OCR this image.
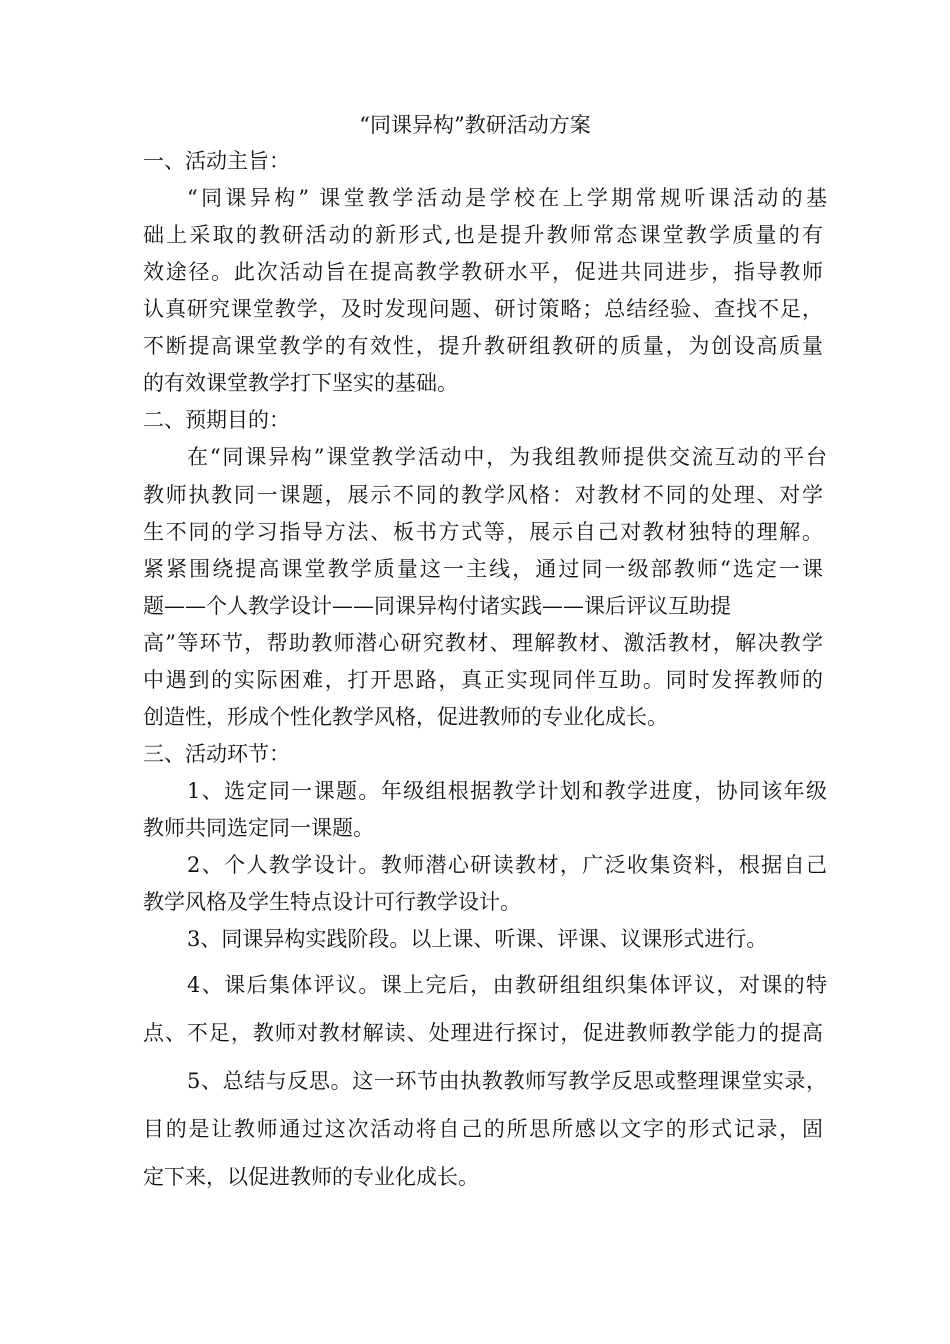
“同课异构”教研活动方案
一、活动主旨：
“同课异构” 课堂教学活动是学校在上学期常规听课活动的基
础上采取的教研活动的新形式,也是提升教师常态课堂教学质量的有
效途径。此次活动旨在提高教学教研水平，促进共同进步，指导教师
认真研究课堂教学，及时发现问题、研讨策略；总结经验、查找不足，
不断提高课堂教学的有效性，提升教研组教研的质量，为创设高质量
的有效课堂教学打下坚实的基础。
二、预期目的：
在“同课异构”课堂教学活动中，为我组教师提供交流互动的平台
教师执教同一课题，展示不同的教学风格：对教材不同的处理、对学
生不同的学习指导方法、板书方式等，展示自己对教材独特的理解。
紧紧围绕提高课堂教学质量这一主线，通过同一级部教师“选定一课
题——个人教学设计——同课异构付诸实践——课后评议互助提
高”等环节，帮助教师潜心研究教材、理解教材、激活教材，解决教学
中遇到的实际困难，打开思路，真正实现同伴互助。同时发挥教师的
创造性，形成个性化教学风格，促进教师的专业化成长。
三、活动环节：
1、选定同一课题。年级组根据教学计划和教学进度，协同该年级
教师共同选定同一课题。
2、个人教学设计。教师潜心研读教材，广泛收集资料，根据自己
教学风格及学生特点设计可行教学设计。
3、同课异构实践阶段。以上课、听课、评课、议课形式进行。
4、课后集体评议。课上完后，由教研组组织集体评议，对课的特
点、不足，教师对教材解读、处理进行探讨，促进教师教学能力的提高
5、总结与反思。这一环节由执教教师写教学反思或整理课堂实录，
目的是让教师通过这次活动将自己的所思所感以文字的形式记录，固
定下来，以促进教师的专业化成长。
